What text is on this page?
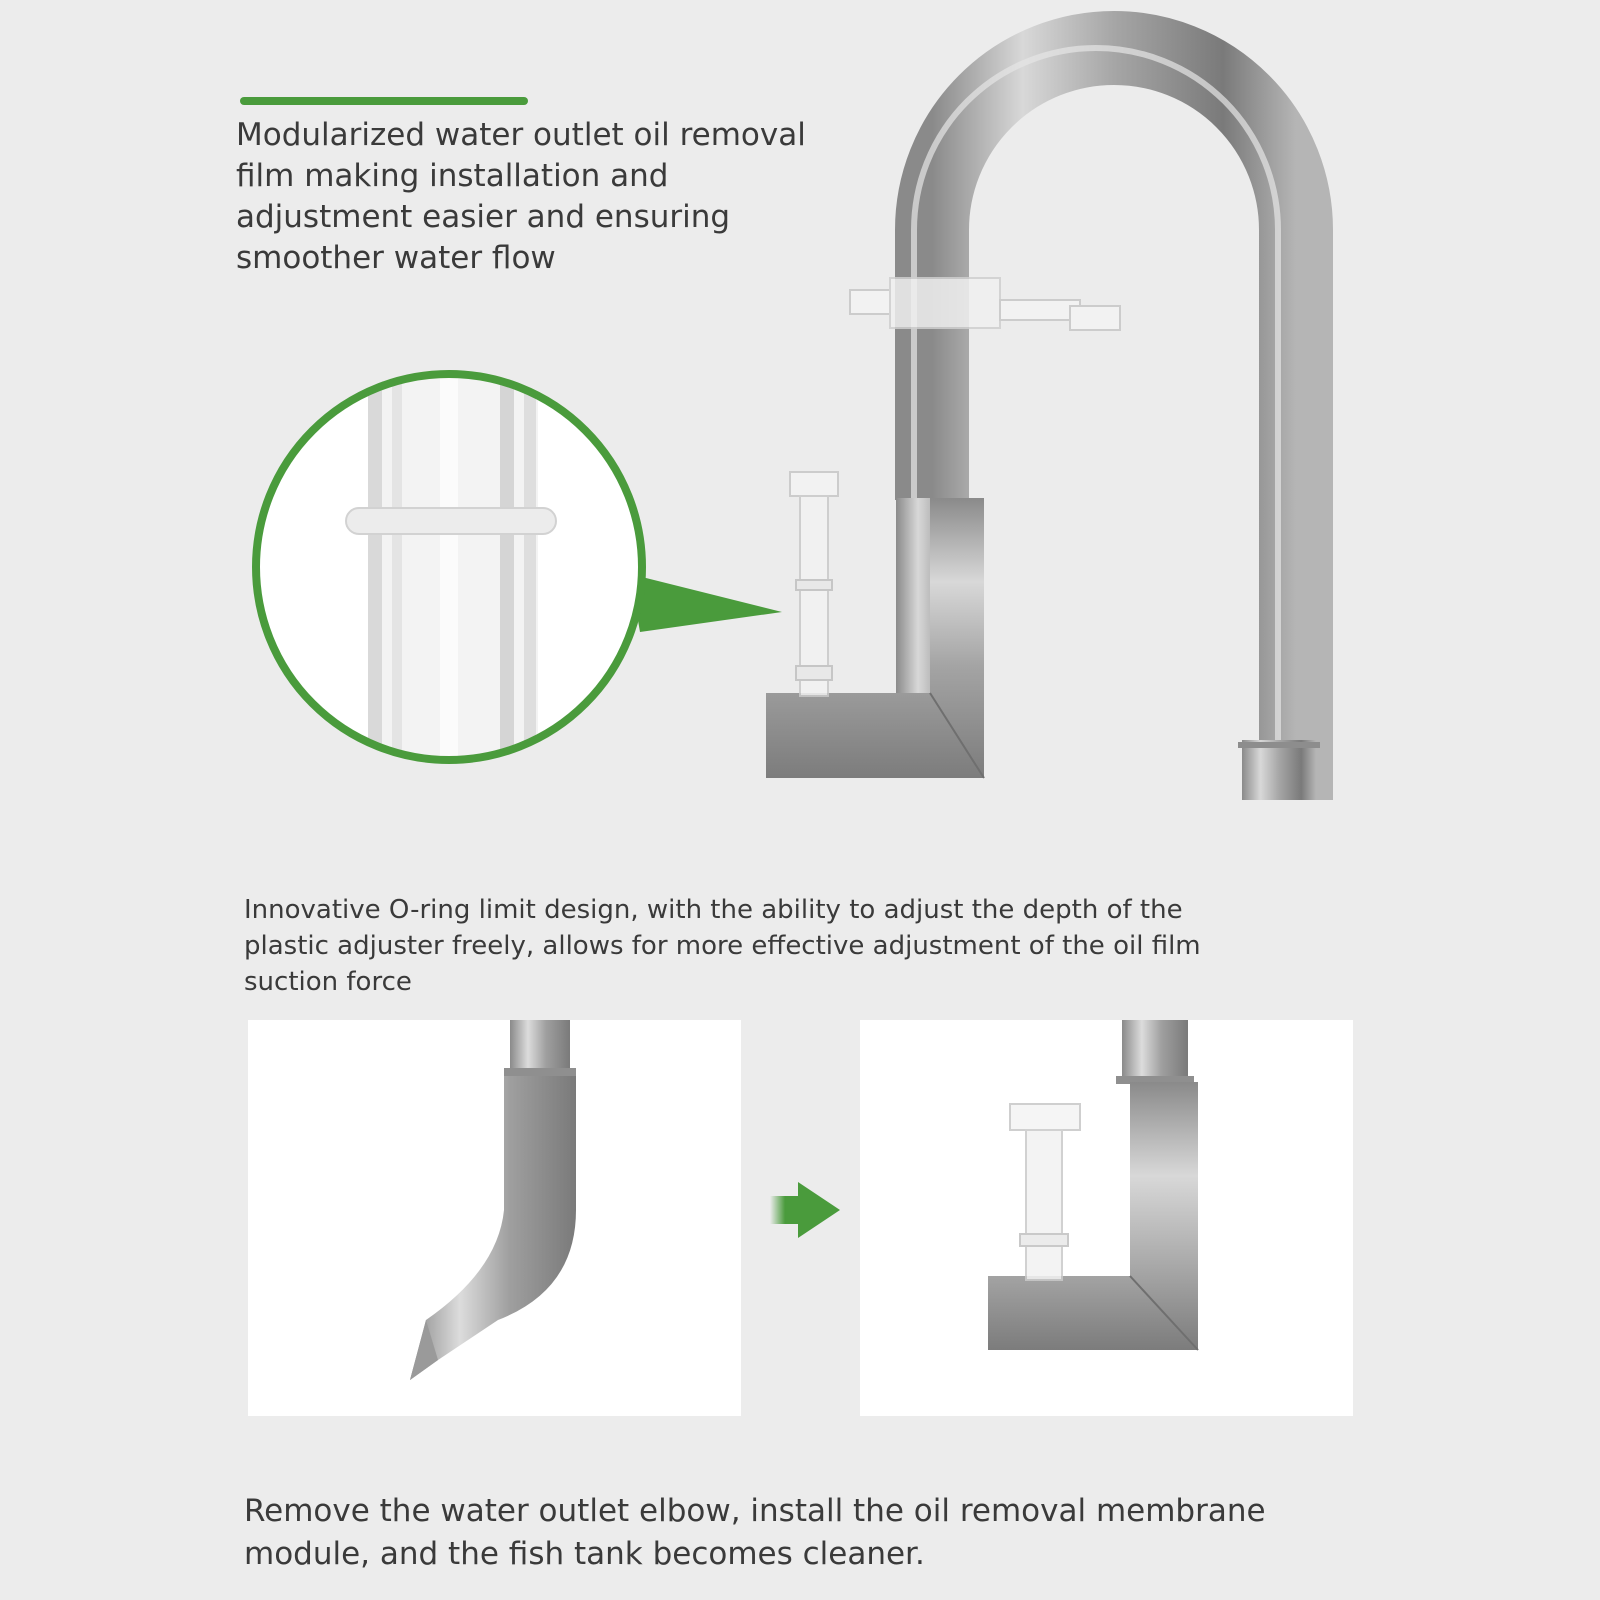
Modularized water outlet oil removal
film making installation and
adjustment easier and ensuring
smoother water flow

Innovative O-ring limit design, with the ability to adjust the depth of the
plastic adjuster freely, allows for more effective adjustment of the oil film
suction force

Remove the water outlet elbow, install the oil removal membrane
module, and the fish tank becomes cleaner.
